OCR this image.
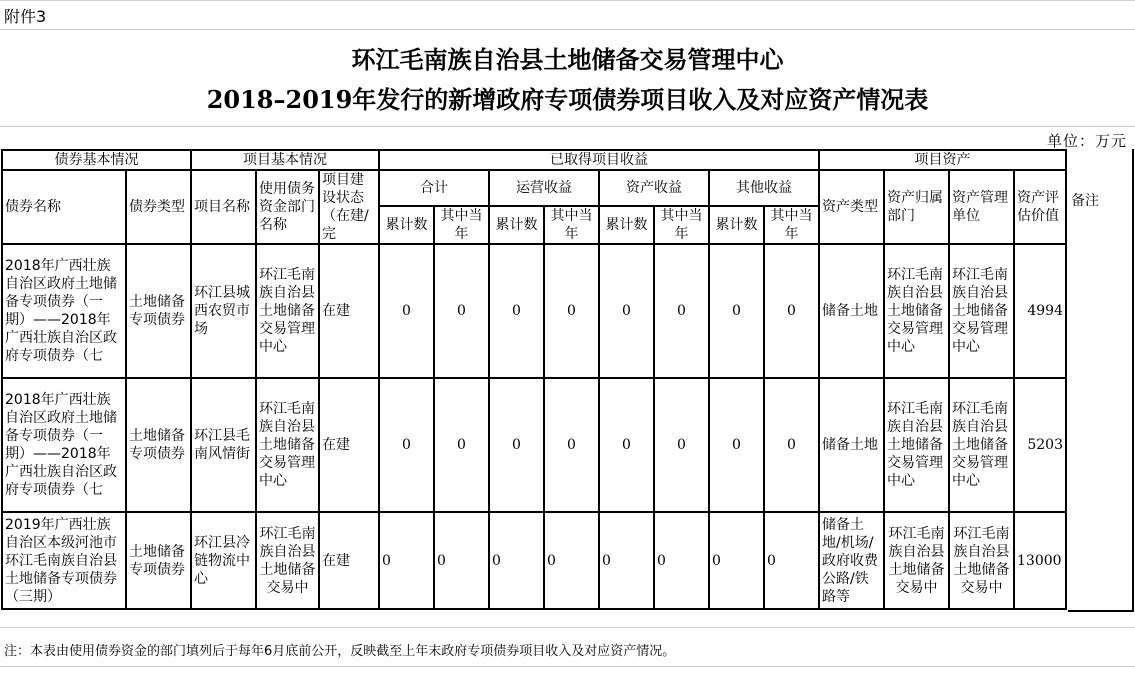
附件3
环江毛南族自治县土地储备交易管理中心
2018–2019年发行的新增政府专项债券项目收入及对应资产情况表
单位：万元
债券基本情况		项目基本情况			已取得项目收益								项目资产			
债券名称	债券类型	项目名称	使用债务资金部门名称	项目建设状态（在建/完	合计		运营收益		资产收益		其他收益		资产类型	资产归属部门	资产管理单位	资产评估价值
					累计数	其中当年	累计数	其中当年	累计数	其中当年	累计数	其中当年				
2018年广西壮族自治区政府土地储备专项债券（一期）——2018年广西壮族自治区政府专项债券（七	土地储备专项债券	环江县城西农贸市场	环江毛南族自治县土地储备交易管理中心	在建	0	0	0	0	0	0	0	0	储备土地	环江毛南族自治县土地储备交易管理中心	环江毛南族自治县土地储备交易管理中心	4994
2018年广西壮族自治区政府土地储备专项债券（一期）——2018年广西壮族自治区政府专项债券（七	土地储备专项债券	环江县毛南风情街	环江毛南族自治县土地储备交易管理中心	在建	0	0	0	0	0	0	0	0	储备土地	环江毛南族自治县土地储备交易管理中心	环江毛南族自治县土地储备交易管理中心	5203
2019年广西壮族自治区本级河池市环江毛南族自治县土地储备专项债券（三期）	土地储备专项债券	环江县冷链物流中心	环江毛南族自治县土地储备交易中	在建	0	0	0	0	0	0	0	0	储备土地/机场/政府收费公路/铁路等	环江毛南族自治县土地储备交易中	环江毛南族自治县土地储备交易中	13000
备注
注：本表由使用债券资金的部门填列后于每年6月底前公开，反映截至上年末政府专项债券项目收入及对应资产情况。
